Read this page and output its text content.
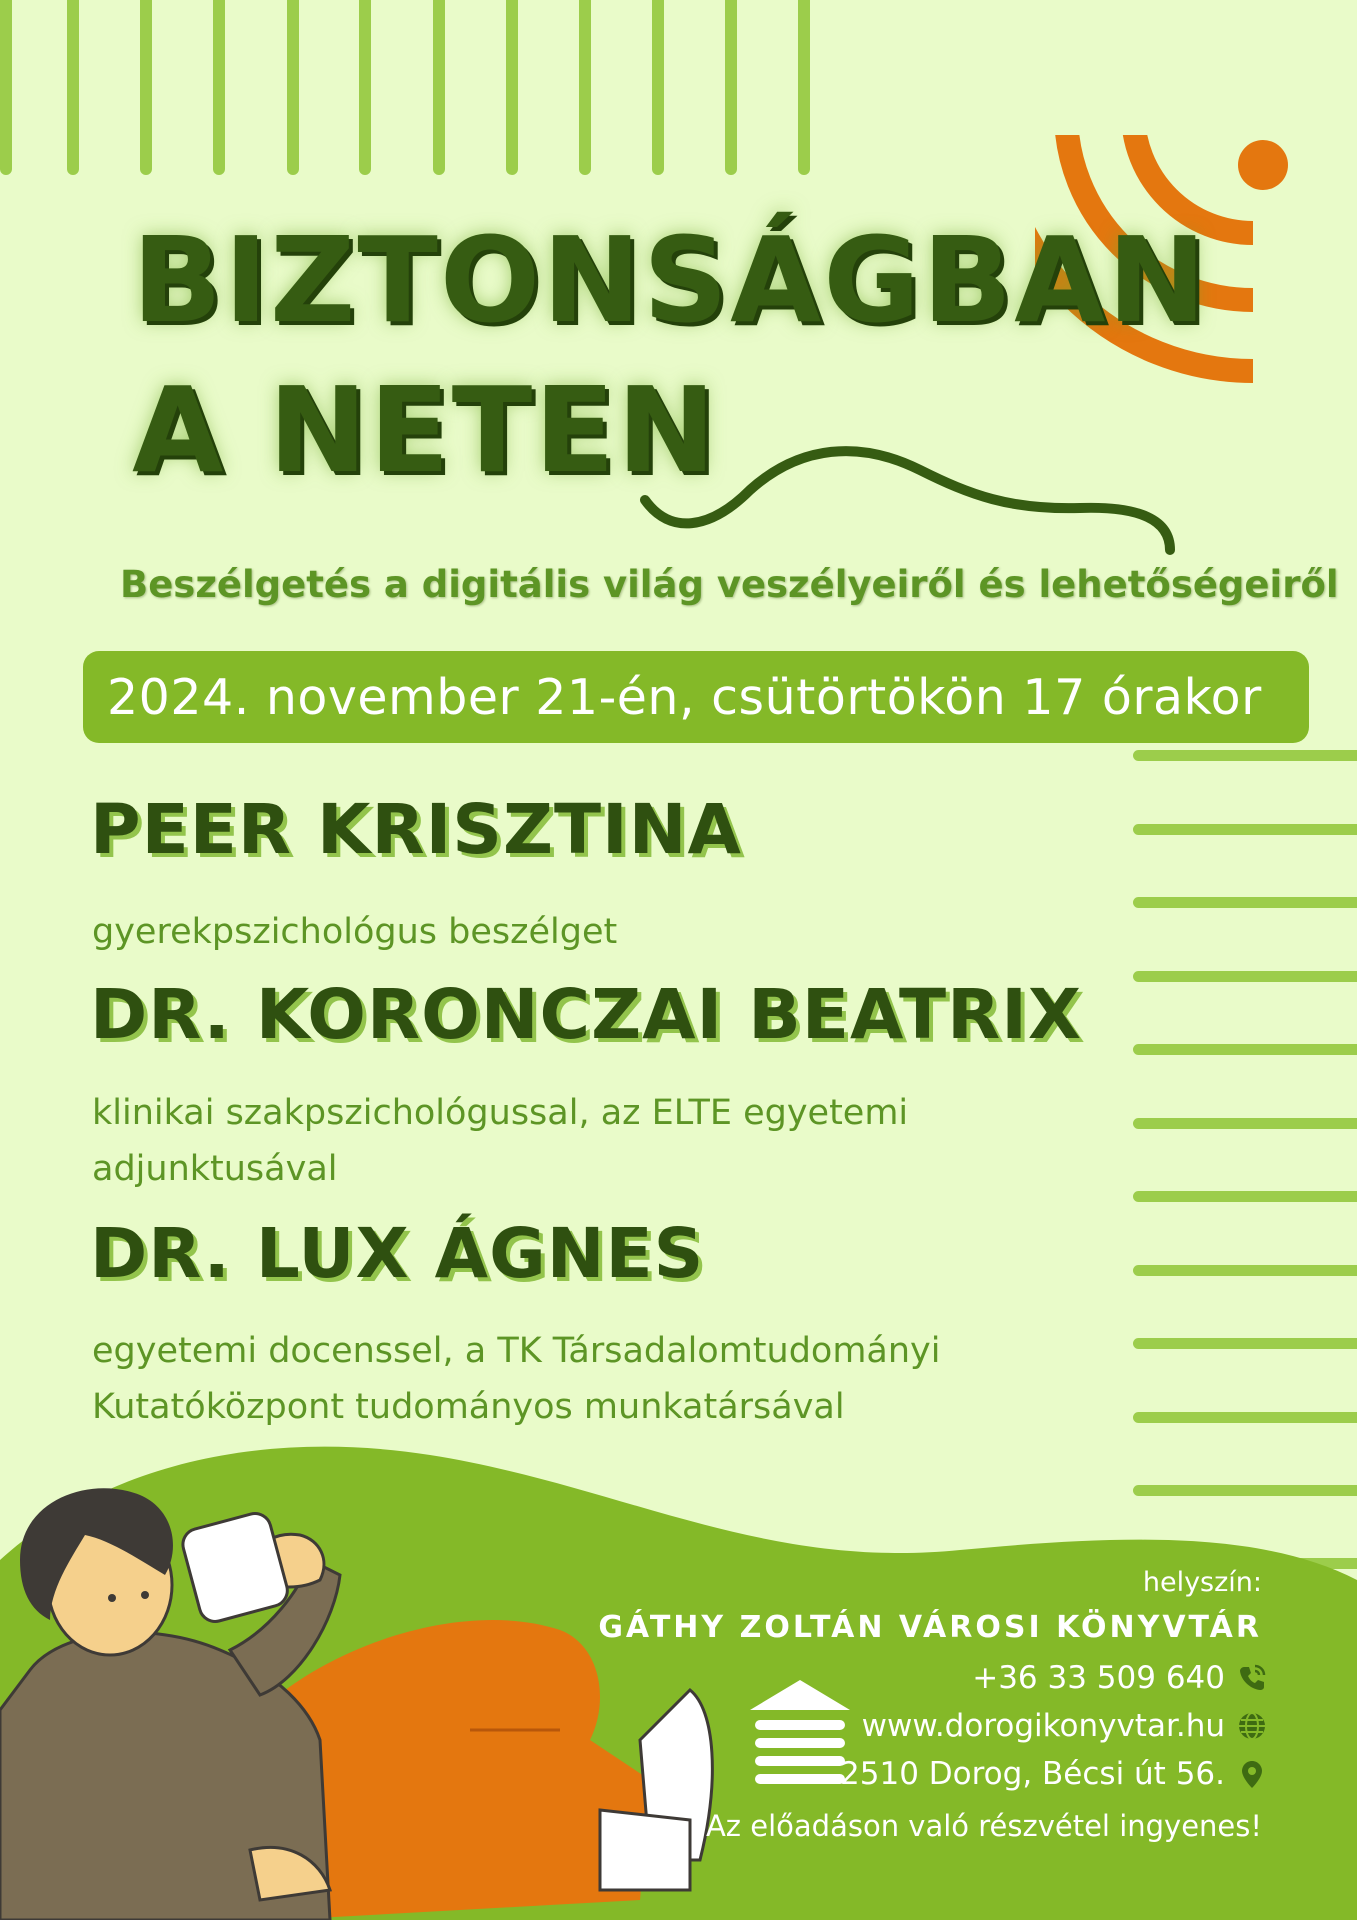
BIZTONSÁGBAN
A NETEN
Beszélgetés a digitális világ veszélyeiről és lehetőségeiről
2024. november 21-én, csütörtökön 17 órakor
PEER KRISZTINA
gyerekpszichológus beszélget
DR. KORONCZAI BEATRIX
klinikai szakpszichológussal, az ELTE egyetemi adjunktusával
DR. LUX ÁGNES
egyetemi docenssel, a TK Társadalomtudományi Kutatóközpont tudományos munkatársával
helyszín:
GÁTHY ZOLTÁN VÁROSI KÖNYVTÁR
+36 33 509 640
www.dorogikonyvtar.hu
2510 Dorog, Bécsi út 56.
Az előadáson való részvétel ingyenes!
